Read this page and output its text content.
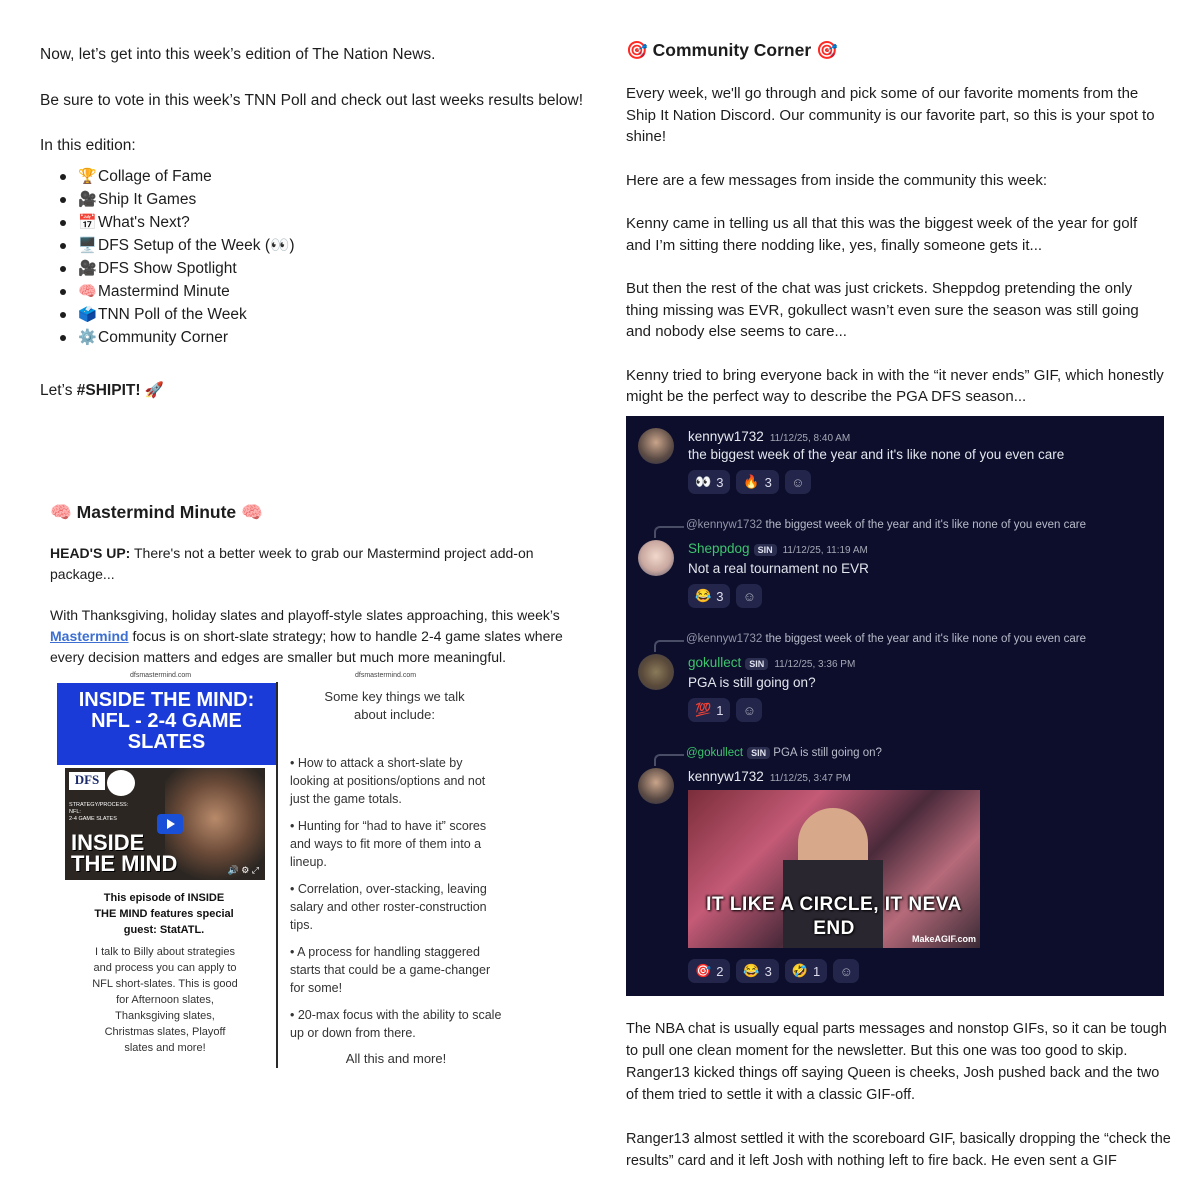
Now, let’s get into this week’s edition of The Nation News.

Be sure to vote in this week’s TNN Poll and check out last weeks results below!

In this edition:

🏆Collage of Fame
🎥Ship It Games
📅What's Next?
🖥️DFS Setup of the Week (👀)
🎥DFS Show Spotlight
🧠Mastermind Minute
🗳️TNN Poll of the Week
⚙️Community Corner

Let’s #SHIPIT! 🚀

🧠 Mastermind Minute 🧠

HEAD'S UP: There's not a better week to grab our Mastermind project add-on package...

With Thanksgiving, holiday slates and playoff-style slates approaching, this week’s Mastermind focus is on short-slate strategy; how to handle 2-4 game slates where every decision matters and edges are smaller but much more meaningful.

dfsmastermind.com	dfsmastermind.com
INSIDE THE MIND: NFL - 2-4 GAME SLATES
DFS
STRATEGY/PROCESS:
NFL:
2-4 GAME SLATES
INSIDE
THE MIND	🔊 ⚙ ⤢
This episode of INSIDE THE MIND features special guest: StatATL.
I talk to Billy about strategies and process you can apply to NFL short-slates. This is good for Afternoon slates, Thanksgiving slates, Christmas slates, Playoff slates and more!
Some key things we talk about include:
• How to attack a short-slate by looking at positions/options and not just the game totals.
• Hunting for “had to have it” scores and ways to fit more of them into a lineup.
• Correlation, over-stacking, leaving salary and other roster-construction tips.
• A process for handling staggered starts that could be a game-changer for some!
• 20-max focus with the ability to scale up or down from there.
All this and more!

🎯 Community Corner 🎯

Every week, we'll go through and pick some of our favorite moments from the Ship It Nation Discord. Our community is our favorite part, so this is your spot to shine!

Here are a few messages from inside the community this week:

Kenny came in telling us all that this was the biggest week of the year for golf and I’m sitting there nodding like, yes, finally someone gets it...

But then the rest of the chat was just crickets. Sheppdog pretending the only thing missing was EVR, gokullect wasn’t even sure the season was still going and nobody else seems to care...

Kenny tried to bring everyone back in with the “it never ends” GIF, which honestly might be the perfect way to describe the PGA DFS season...

kennyw1732 11/12/25, 8:40 AM
the biggest week of the year and it's like none of you even care
👀 3 🔥 3	☺
@kennyw1732 the biggest week of the year and it's like none of you even care
Sheppdog SIN 11/12/25, 11:19 AM
Not a real tournament no EVR
😂 3	☺
@kennyw1732 the biggest week of the year and it's like none of you even care
gokullect SIN 11/12/25, 3:36 PM
PGA is still going on?
💯 1	☺
@gokullect SIN PGA is still going on?
kennyw1732 11/12/25, 3:47 PM
IT LIKE A CIRCLE, IT NEVA
END	MakeAGIF.com
🎯 2 😂 3 🤣 1	☺

The NBA chat is usually equal parts messages and nonstop GIFs, so it can be tough to pull one clean moment for the newsletter. But this one was too good to skip. Ranger13 kicked things off saying Queen is cheeks, Josh pushed back and the two of them tried to settle it with a classic GIF-off.

Ranger13 almost settled it with the scoreboard GIF, basically dropping the “check the results” card and it left Josh with nothing left to fire back. He even sent a GIF
